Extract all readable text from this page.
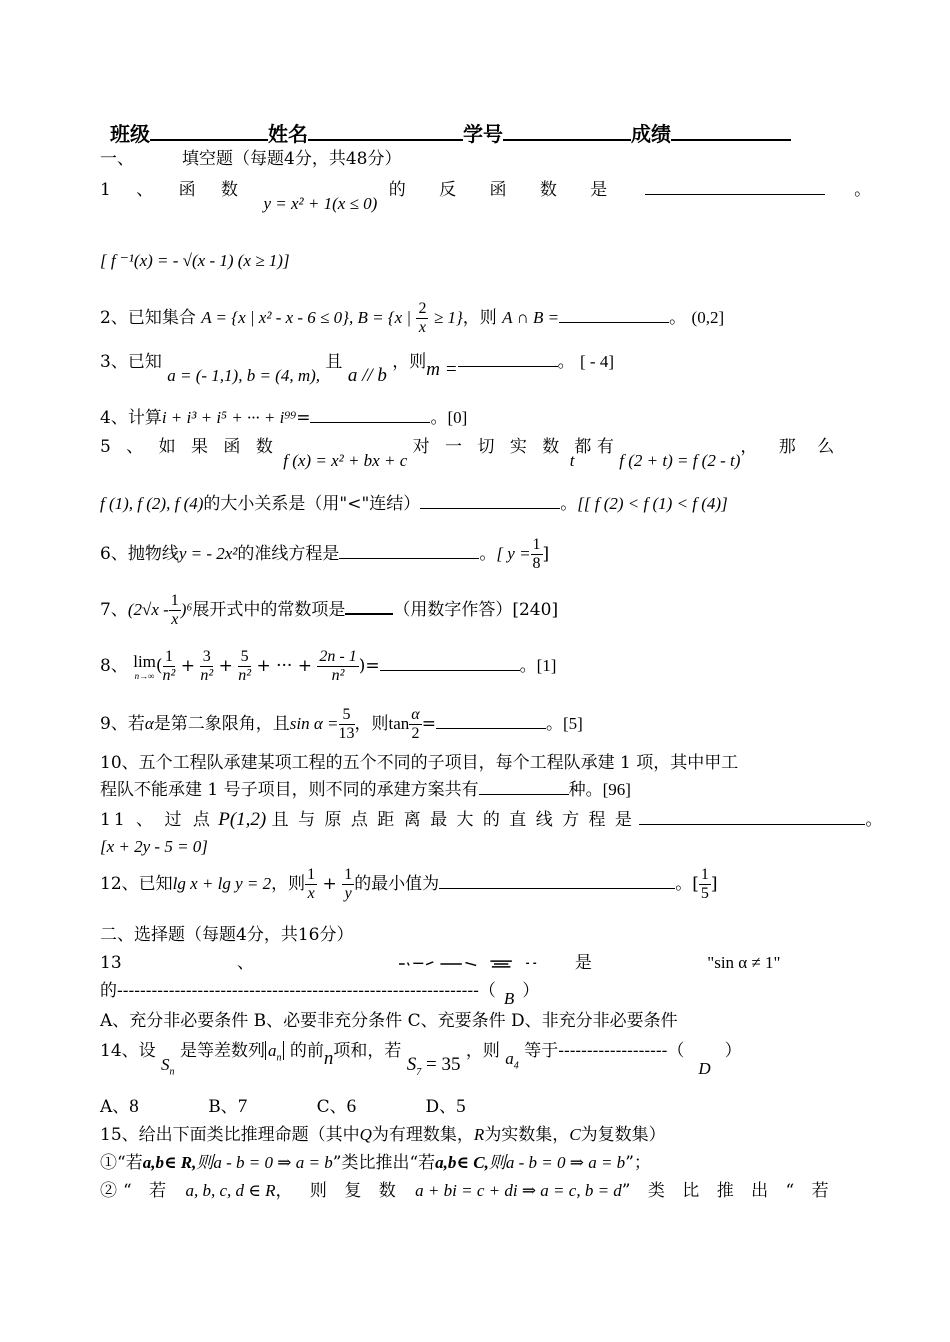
班级	姓名	学号	成绩
一、	填空题（每题4分，共48分）
1 、 函 数 y = x² + 1(x ≤ 0) 的 反 函 数 是	。
[ f ⁻¹(x) = - √(x - 1) (x ≥ 1)]
2、已知集合 A = {x | x² - x - 6 ≤ 0}, B = {x | $\frac{2}{x} \ge 1$}，则 A ∩ B =	。 (0,2]
3、已知 a = (- 1,1), b = (4, m), 且 a // b ，则m =	。 [ - 4]
4、计算i + i³ + i⁵ + ··· + i⁹⁹=	。[0]
5 、 如 果 函 数 f (x) = x² + bx + c 对 一 切 实 数 t都 有 f (2 + t) = f (2 - t)， 那 么
f (1), f (2), f (4)的大小关系是（用"<"连结）	。[[ f (2) < f (1) < f (4)]
6、抛物线y = - 2x²的准线方程是	。[ $y = \frac{1}{8}$ ]
7、$(2√x - \frac{1}{x} )^6$展开式中的常数项是	（用数字作答）[240]
8、 lim
n→∞ ( $\frac{1}{\text{n²}} + \frac{3}{\text{n²}} + \frac{5}{\text{n²}}$ + ··· + $\frac{2n - 1}{\text{n²}}$ )=	。[1]
9、若α是第二象限角，且$\sin \alpha = \frac{5}{13}$ ，则$\tan \frac{\alpha}{2}$ =	。[5]
10、五个工程队承建某项工程的五个不同的子项目，每个工程队承建 1 项，其中甲工
程队不能承建 1 号子项目，则不同的承建方案共有	种。[96]
11 、 过 点 P(1,2) 且 与 原 点 距 离 最 大 的 直 线 方 程 是	。
[x + 2y - 5 = 0]
12、已知lg x + lg y = 2，则 $\frac{1}{x} + \frac{1}{y}$ 的最小值为	。[ $\frac{1}{5}$ ]
二、选择题（每题4分，共16分）
13	、	是	"sin α ≠ 1"
的---------------------------------------------------------------（ B ）
A、充分非必要条件 B、必要非充分条件 C、充要条件 D、非充分非必要条件
14、设 $S_n$ 是等差数列 $a_n$ 的前n项和，若 $S_7 = 35$ ，则 $a_4$ 等于-------------------（D）
A、8	B、7	C、6	D、5
15、给出下面类比推理命题（其中Q为有理数集，R为实数集，C为复数集）
①“若a,b∈ R,则a - b = 0 ⇒ a = b”类比推出“若a,b∈ C,则a - b = 0 ⇒ a = b”；
②“ 若 a, b, c, d ∈ R， 则 复 数 a + bi = c + di ⇒ a = c, b = d” 类 比 推 出 “ 若
